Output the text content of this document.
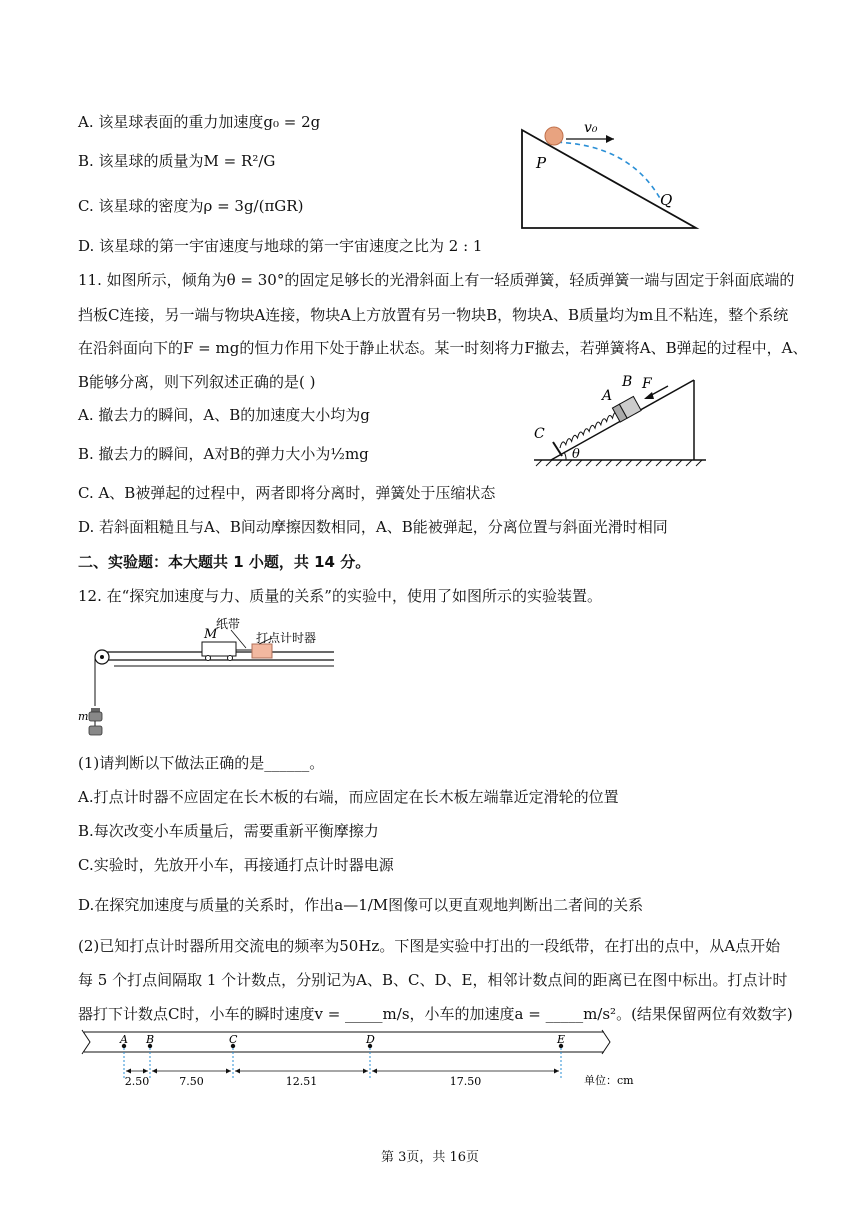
A. 该星球表面的重力加速度g₀ = 2g
B. 该星球的质量为M = R²/G
C. 该星球的密度为ρ = 3g/(πGR)
D. 该星球的第一宇宙速度与地球的第一宇宙速度之比为 2 : 1
v₀
P
Q
11. 如图所示，倾角为θ = 30°的固定足够长的光滑斜面上有一轻质弹簧，轻质弹簧一端与固定于斜面底端的
挡板C连接，另一端与物块A连接，物块A上方放置有另一物块B，物块A、B质量均为m且不粘连，整个系统
在沿斜面向下的F = mg的恒力作用下处于静止状态。某一时刻将力F撤去，若弹簧将A、B弹起的过程中，A、
B能够分离，则下列叙述正确的是( )
A. 撤去力的瞬间，A、B的加速度大小均为g
B. 撤去力的瞬间，A对B的弹力大小为½mg
C. A、B被弹起的过程中，两者即将分离时，弹簧处于压缩状态
D. 若斜面粗糙且与A、B间动摩擦因数相同，A、B能被弹起，分离位置与斜面光滑时相同
A
B F
C
θ
二、实验题：本大题共 1 小题，共 14 分。
12. 在“探究加速度与力、质量的关系”的实验中，使用了如图所示的实验装置。
纸带
M	打点计时器
m
(1)请判断以下做法正确的是______。
A.打点计时器不应固定在长木板的右端，而应固定在长木板左端靠近定滑轮的位置
B.每次改变小车质量后，需要重新平衡摩擦力
C.实验时，先放开小车，再接通打点计时器电源
D.在探究加速度与质量的关系时，作出a—1/M图像可以更直观地判断出二者间的关系
(2)已知打点计时器所用交流电的频率为50Hz。下图是实验中打出的一段纸带，在打出的点中，从A点开始
每 5 个打点间隔取 1 个计数点，分别记为A、B、C、D、E，相邻计数点间的距离已在图中标出。打点计时
器打下计数点C时，小车的瞬时速度v = _____m/s，小车的加速度a = _____m/s²。(结果保留两位有效数字)
A B	C	D	E
2.50	7.50	12.51	17.50	单位：cm
第 3页，共 16页
